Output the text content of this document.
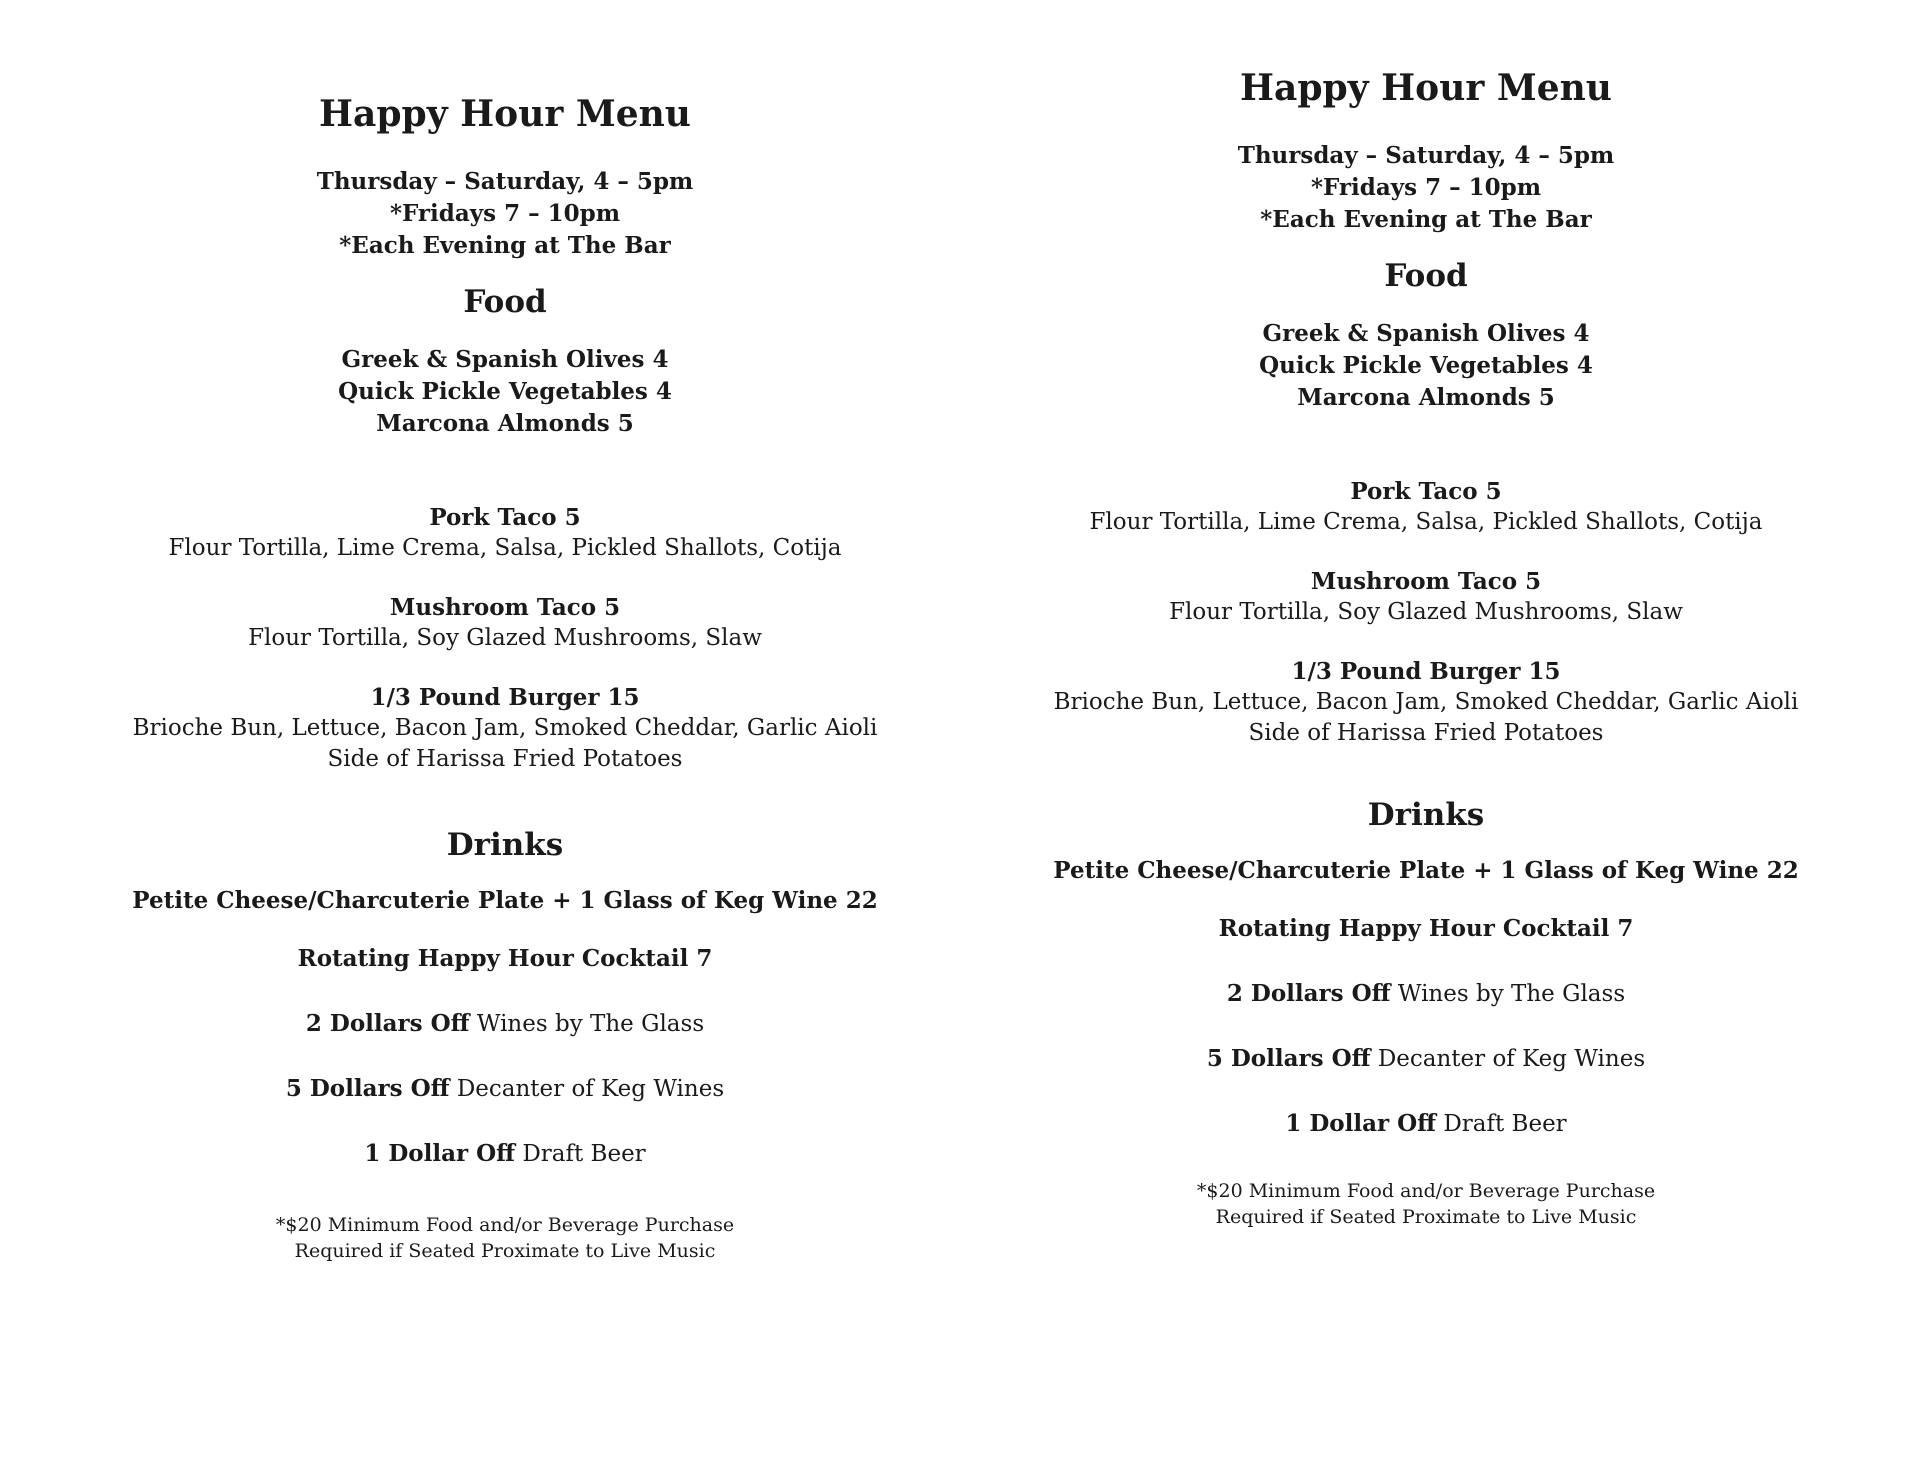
Happy Hour Menu
Thursday – Saturday, 4 – 5pm
*Fridays 7 – 10pm
*Each Evening at The Bar
Food
Greek & Spanish Olives 4
Quick Pickle Vegetables 4
Marcona Almonds 5
Pork Taco 5
Flour Tortilla, Lime Crema, Salsa, Pickled Shallots, Cotija
Mushroom Taco 5
Flour Tortilla, Soy Glazed Mushrooms, Slaw
1/3 Pound Burger 15
Brioche Bun, Lettuce, Bacon Jam, Smoked Cheddar, Garlic Aioli
Side of Harissa Fried Potatoes
Drinks
Petite Cheese/Charcuterie Plate + 1 Glass of Keg Wine 22
Rotating Happy Hour Cocktail 7
2 Dollars Off Wines by The Glass
5 Dollars Off Decanter of Keg Wines
1 Dollar Off Draft Beer
*$20 Minimum Food and/or Beverage Purchase
Required if Seated Proximate to Live Music
Happy Hour Menu
Thursday – Saturday, 4 – 5pm
*Fridays 7 – 10pm
*Each Evening at The Bar
Food
Greek & Spanish Olives 4
Quick Pickle Vegetables 4
Marcona Almonds 5
Pork Taco 5
Flour Tortilla, Lime Crema, Salsa, Pickled Shallots, Cotija
Mushroom Taco 5
Flour Tortilla, Soy Glazed Mushrooms, Slaw
1/3 Pound Burger 15
Brioche Bun, Lettuce, Bacon Jam, Smoked Cheddar, Garlic Aioli
Side of Harissa Fried Potatoes
Drinks
Petite Cheese/Charcuterie Plate + 1 Glass of Keg Wine 22
Rotating Happy Hour Cocktail 7
2 Dollars Off Wines by The Glass
5 Dollars Off Decanter of Keg Wines
1 Dollar Off Draft Beer
*$20 Minimum Food and/or Beverage Purchase
Required if Seated Proximate to Live Music
